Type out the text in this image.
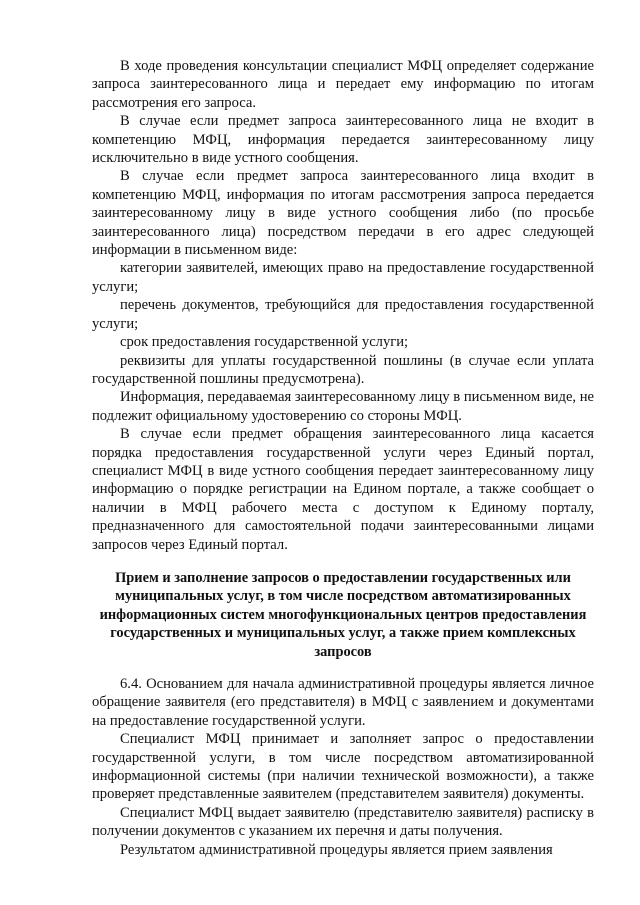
В ходе проведения консультации специалист МФЦ определяет содержание запроса заинтересованного лица и передает ему информацию по итогам рассмотрения его запроса.

В случае если предмет запроса заинтересованного лица не входит в компетенцию МФЦ, информация передается заинтересованному лицу исключительно в виде устного сообщения.

В случае если предмет запроса заинтересованного лица входит в компетенцию МФЦ, информация по итогам рассмотрения запроса передается заинтересованному лицу в виде устного сообщения либо (по просьбе заинтересованного лица) посредством передачи в его адрес следующей информации в письменном виде:

категории заявителей, имеющих право на предоставление государственной услуги;

перечень документов, требующийся для предоставления государственной услуги;

срок предоставления государственной услуги;

реквизиты для уплаты государственной пошлины (в случае если уплата государственной пошлины предусмотрена).

Информация, передаваемая заинтересованному лицу в письменном виде, не подлежит официальному удостоверению со стороны МФЦ.

В случае если предмет обращения заинтересованного лица касается порядка предоставления государственной услуги через Единый портал, специалист МФЦ в виде устного сообщения передает заинтересованному лицу информацию о порядке регистрации на Едином портале, а также сообщает о наличии в МФЦ рабочего места с доступом к Единому порталу, предназначенного для самостоятельной подачи заинтересованными лицами запросов через Единый портал.

Прием и заполнение запросов о предоставлении государственных или муниципальных услуг, в том числе посредством автоматизированных информационных систем многофункциональных центров предоставления государственных и муниципальных услуг, а также прием комплексных запросов

6.4. Основанием для начала административной процедуры является личное обращение заявителя (его представителя) в МФЦ с заявлением и документами на предоставление государственной услуги.

Специалист МФЦ принимает и заполняет запрос о предоставлении государственной услуги, в том числе посредством автоматизированной информационной системы (при наличии технической возможности), а также проверяет представленные заявителем (представителем заявителя) документы.

Специалист МФЦ выдает заявителю (представителю заявителя) расписку в получении документов с указанием их перечня и даты получения.

Результатом административной процедуры является прием заявления
